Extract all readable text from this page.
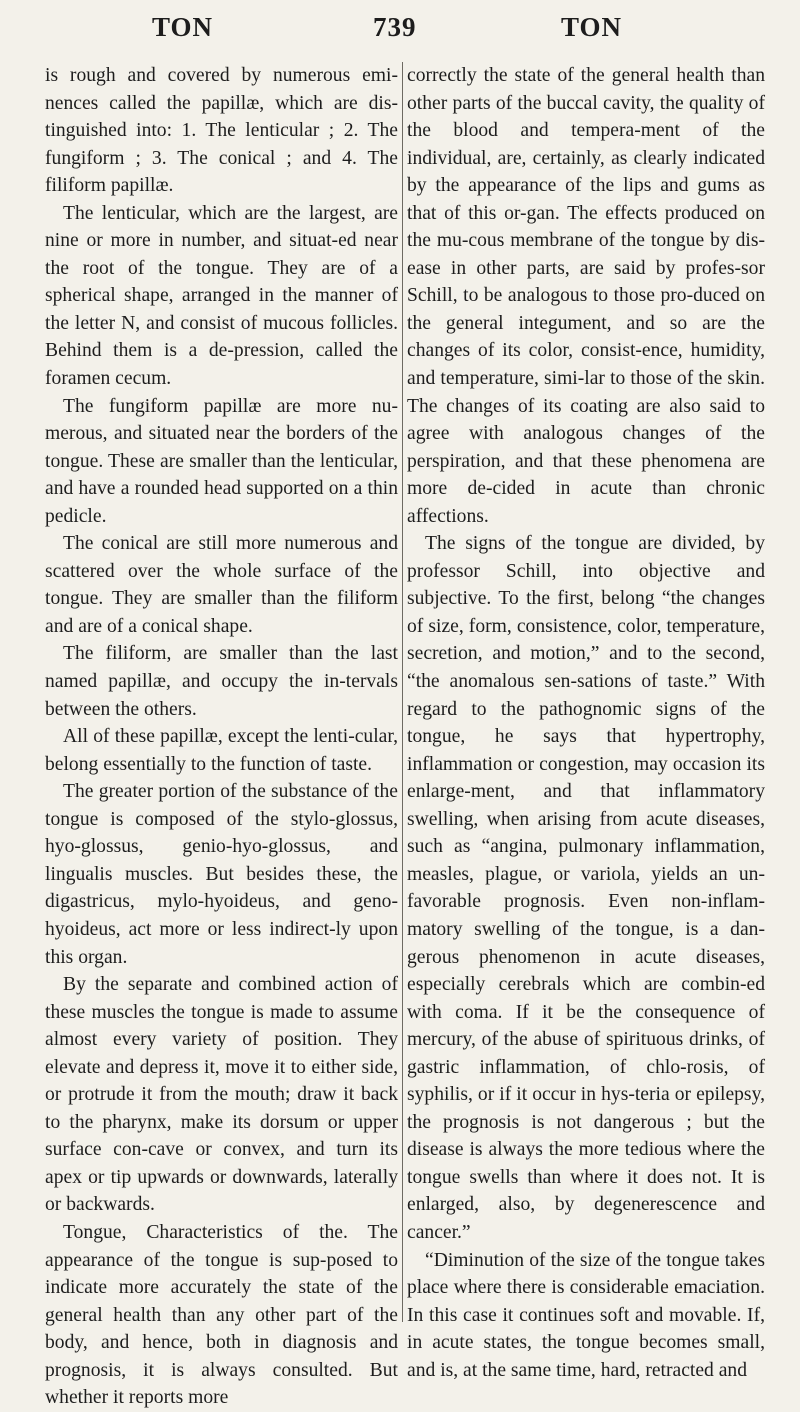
TON	739	TON

is rough and covered by numerous emi-nences called the papillæ, which are dis-tinguished into: 1. The lenticular ; 2. The fungiform ; 3. The conical ; and 4. The filiform papillæ.

The lenticular, which are the largest, are nine or more in number, and situat-ed near the root of the tongue. They are of a spherical shape, arranged in the manner of the letter N, and consist of mucous follicles. Behind them is a de-pression, called the foramen cecum.

The fungiform papillæ are more nu-merous, and situated near the borders of the tongue. These are smaller than the lenticular, and have a rounded head supported on a thin pedicle.

The conical are still more numerous and scattered over the whole surface of the tongue. They are smaller than the filiform and are of a conical shape.

The filiform, are smaller than the last named papillæ, and occupy the in-tervals between the others.

All of these papillæ, except the lenti-cular, belong essentially to the function of taste.

The greater portion of the substance of the tongue is composed of the stylo-glossus, hyo-glossus, genio-hyo-glossus, and lingualis muscles. But besides these, the digastricus, mylo-hyoideus, and geno-hyoideus, act more or less indirect-ly upon this organ.

By the separate and combined action of these muscles the tongue is made to assume almost every variety of position. They elevate and depress it, move it to either side, or protrude it from the mouth; draw it back to the pharynx, make its dorsum or upper surface con-cave or convex, and turn its apex or tip upwards or downwards, laterally or backwards.

Tongue, Characteristics of the. The appearance of the tongue is sup-posed to indicate more accurately the state of the general health than any other part of the body, and hence, both in diagnosis and prognosis, it is always consulted. But whether it reports more

correctly the state of the general health than other parts of the buccal cavity, the quality of the blood and tempera-ment of the individual, are, certainly, as clearly indicated by the appearance of the lips and gums as that of this or-gan. The effects produced on the mu-cous membrane of the tongue by dis-ease in other parts, are said by profes-sor Schill, to be analogous to those pro-duced on the general integument, and so are the changes of its color, consist-ence, humidity, and temperature, simi-lar to those of the skin. The changes of its coating are also said to agree with analogous changes of the perspiration, and that these phenomena are more de-cided in acute than chronic affections.

The signs of the tongue are divided, by professor Schill, into objective and subjective. To the first, belong “the changes of size, form, consistence, color, temperature, secretion, and motion,” and to the second, “the anomalous sen-sations of taste.” With regard to the pathognomic signs of the tongue, he says that hypertrophy, inflammation or congestion, may occasion its enlarge-ment, and that inflammatory swelling, when arising from acute diseases, such as “angina, pulmonary inflammation, measles, plague, or variola, yields an un-favorable prognosis. Even non-inflam-matory swelling of the tongue, is a dan-gerous phenomenon in acute diseases, especially cerebrals which are combin-ed with coma. If it be the consequence of mercury, of the abuse of spirituous drinks, of gastric inflammation, of chlo-rosis, of syphilis, or if it occur in hys-teria or epilepsy, the prognosis is not dangerous ; but the disease is always the more tedious where the tongue swells than where it does not. It is enlarged, also, by degenerescence and cancer.”

“Diminution of the size of the tongue takes place where there is considerable emaciation. In this case it continues soft and movable. If, in acute states, the tongue becomes small, and is, at the same time, hard, retracted and
